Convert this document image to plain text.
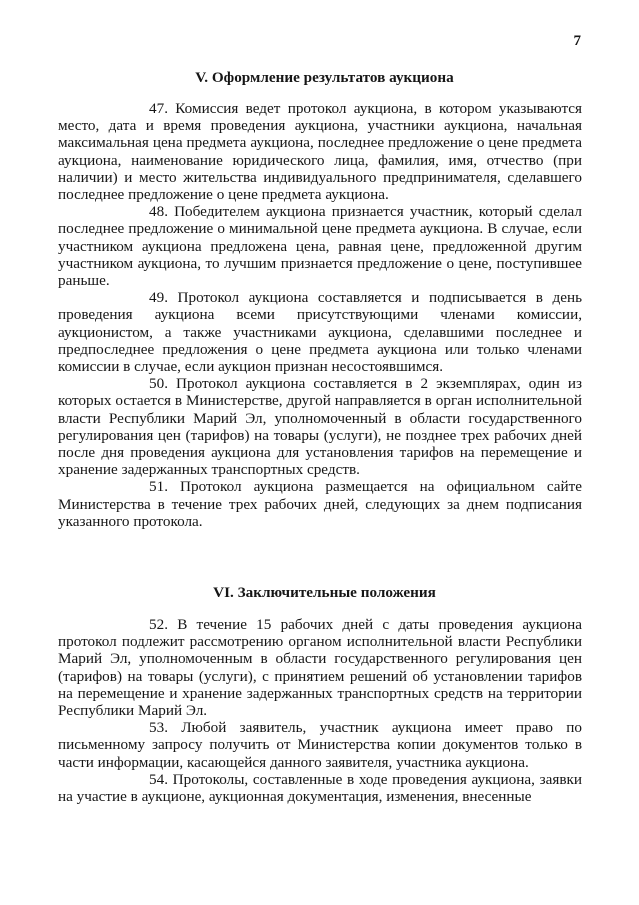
7
V. Оформление результатов аукциона

47. Комиссия ведет протокол аукциона, в котором указываются место, дата и время проведения аукциона, участники аукциона, начальная максимальная цена предмета аукциона, последнее предложение о цене предмета аукциона, наименование юридического лица, фамилия, имя, отчество (при наличии) и место жительства индивидуального предпринимателя, сделавшего последнее предложение о цене предмета аукциона.

48. Победителем аукциона признается участник, который сделал последнее предложение о минимальной цене предмета аукциона. В случае, если участником аукциона предложена цена, равная цене, предложенной другим участником аукциона, то лучшим признается предложение о цене, поступившее раньше.

49. Протокол аукциона составляется и подписывается в день проведения аукциона всеми присутствующими членами комиссии, аукционистом, а также участниками аукциона, сделавшими последнее и предпоследнее предложения о цене предмета аукциона или только членами комиссии в случае, если аукцион признан несостоявшимся.

50. Протокол аукциона составляется в 2 экземплярах, один из которых остается в Министерстве, другой направляется в орган исполнительной власти Республики Марий Эл, уполномоченный в области государственного регулирования цен (тарифов) на товары (услуги), не позднее трех рабочих дней после дня проведения аукциона для установления тарифов на перемещение и хранение задержанных транспортных средств.

51. Протокол аукциона размещается на официальном сайте Министерства в течение трех рабочих дней, следующих за днем подписания указанного протокола.

VI. Заключительные положения

52. В течение 15 рабочих дней с даты проведения аукциона протокол подлежит рассмотрению органом исполнительной власти Республики Марий Эл, уполномоченным в области государственного регулирования цен (тарифов) на товары (услуги), с принятием решений об установлении тарифов на перемещение и хранение задержанных транспортных средств на территории Республики Марий Эл.

53. Любой заявитель, участник аукциона имеет право по письменному запросу получить от Министерства копии документов только в части информации, касающейся данного заявителя, участника аукциона.

54. Протоколы, составленные в ходе проведения аукциона, заявки на участие в аукционе, аукционная документация, изменения, внесенные
